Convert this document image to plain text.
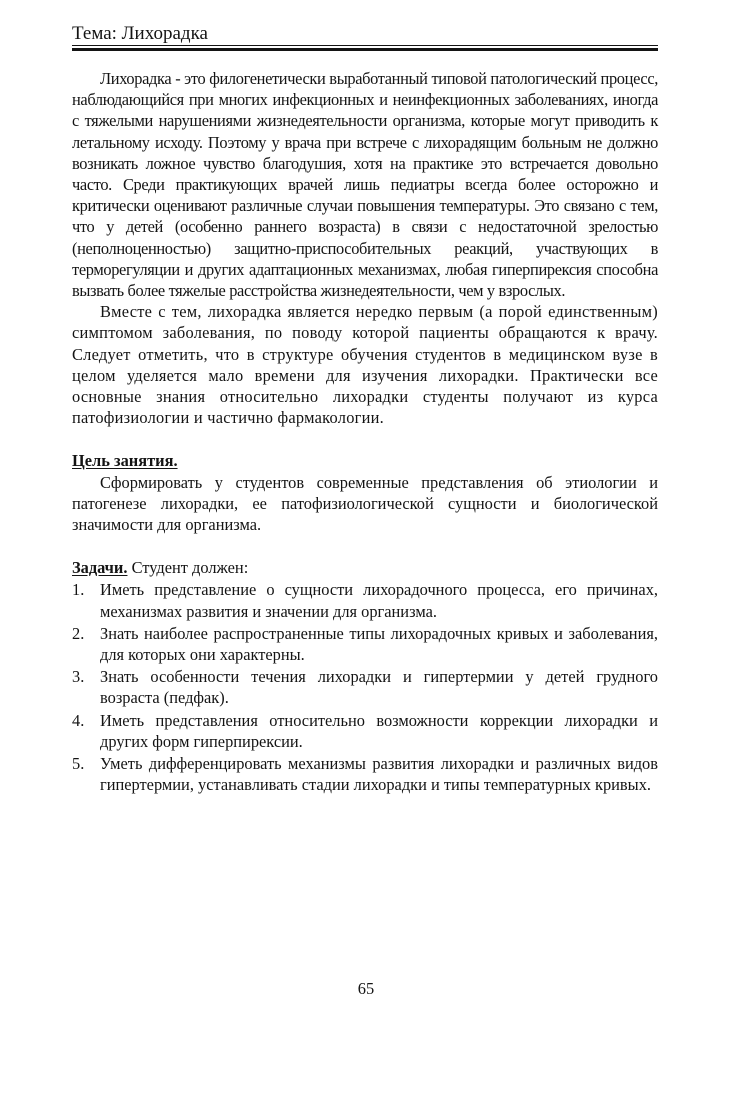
Тема: Лихорадка

Лихорадка - это филогенетически выработанный типовой патологический процесс, наблюдающийся при многих инфекционных и неинфекционных заболеваниях, иногда с тяжелыми нарушениями жизнедеятельности организма, которые могут приводить к летальному исходу. Поэтому у врача при встрече с лихорадящим больным не должно возникать ложное чувство благодушия, хотя на практике это встречается довольно часто. Среди практикующих врачей лишь педиатры всегда более осторожно и критически оценивают различные случаи повышения температуры. Это связано с тем, что у детей (особенно раннего возраста) в связи с недостаточной зрелостью (неполноценностью) защитно-приспособительных реакций, участвующих в терморегуляции и других адаптационных механизмах, любая гиперпирексия способна вызвать более тяжелые расстройства жизнедеятельности, чем у взрослых.

Вместе с тем, лихорадка является нередко первым (а порой единственным) симптомом заболевания, по поводу которой пациенты обращаются к врачу. Следует отметить, что в структуре обучения студентов в медицинском вузе в целом уделяется мало времени для изучения лихорадки. Практически все основные знания относительно лихорадки студенты получают из курса патофизиологии и частично фармакологии.

Цель занятия.

Сформировать у студентов современные представления об этиологии и патогенезе лихорадки, ее патофизиологической сущности и биологической значимости для организма.

Задачи. Студент должен:

1. Иметь представление о сущности лихорадочного процесса, его причинах, механизмах развития и значении для организма.
2. Знать наиболее распространенные типы лихорадочных кривых и заболевания, для которых они характерны.
3. Знать особенности течения лихорадки и гипертермии у детей грудного возраста (педфак).
4. Иметь представления относительно возможности коррекции лихорадки и других форм гиперпирексии.
5. Уметь дифференцировать механизмы развития лихорадки и различных видов гипертермии, устанавливать стадии лихорадки и типы температурных кривых.
65
